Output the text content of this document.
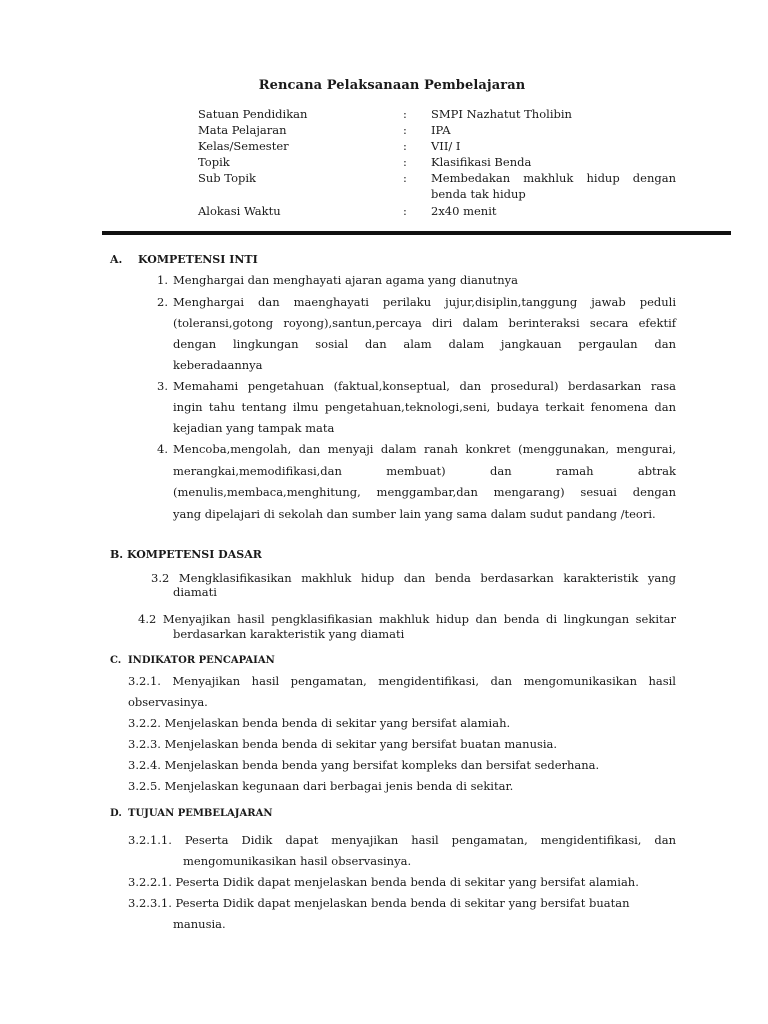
Rencana Pelaksanaan Pembelajaran
Satuan Pendidikan	: SMPI Nazhatut Tholibin
Mata Pelajaran	: IPA
Kelas/Semester	: VII/ I
Topik	: Klasifikasi Benda
Sub Topik	: Membedakan makhluk hidup dengan
benda tak hidup
Alokasi Waktu	: 2x40 menit
A. KOMPETENSI INTI
1. Menghargai dan menghayati ajaran agama yang dianutnya
2. Menghargai dan maenghayati perilaku jujur,disiplin,tanggung jawab peduli
(toleransi,gotong royong),santun,percaya diri dalam berinteraksi secara efektif
dengan lingkungan sosial dan alam dalam jangkauan pergaulan dan
keberadaannya
3. Memahami pengetahuan (faktual,konseptual, dan prosedural) berdasarkan rasa
ingin tahu tentang ilmu pengetahuan,teknologi,seni, budaya terkait fenomena dan
kejadian yang tampak mata
4. Mencoba,mengolah, dan menyaji dalam ranah konkret (menggunakan, mengurai,
merangkai,memodifikasi,dan membuat) dan ramah abtrak
(menulis,membaca,menghitung, menggambar,dan mengarang) sesuai dengan
yang dipelajari di sekolah dan sumber lain yang sama dalam sudut pandang /teori.
B. KOMPETENSI DASAR
3.2 Mengklasifikasikan makhluk hidup dan benda berdasarkan karakteristik yang
diamati
4.2 Menyajikan hasil pengklasifikasian makhluk hidup dan benda di lingkungan sekitar
berdasarkan karakteristik yang diamati
C. INDIKATOR PENCAPAIAN
3.2.1. Menyajikan hasil pengamatan, mengidentifikasi, dan mengomunikasikan hasil
observasinya.
3.2.2. Menjelaskan benda benda di sekitar yang bersifat alamiah.
3.2.3. Menjelaskan benda benda di sekitar yang bersifat buatan manusia.
3.2.4. Menjelaskan benda benda yang bersifat kompleks dan bersifat sederhana.
3.2.5. Menjelaskan kegunaan dari berbagai jenis benda di sekitar.
D. TUJUAN PEMBELAJARAN
3.2.1.1. Peserta Didik dapat menyajikan hasil pengamatan, mengidentifikasi, dan
mengomunikasikan hasil observasinya.
3.2.2.1. Peserta Didik dapat menjelaskan benda benda di sekitar yang bersifat alamiah.
3.2.3.1. Peserta Didik dapat menjelaskan benda benda di sekitar yang bersifat buatan
manusia.
